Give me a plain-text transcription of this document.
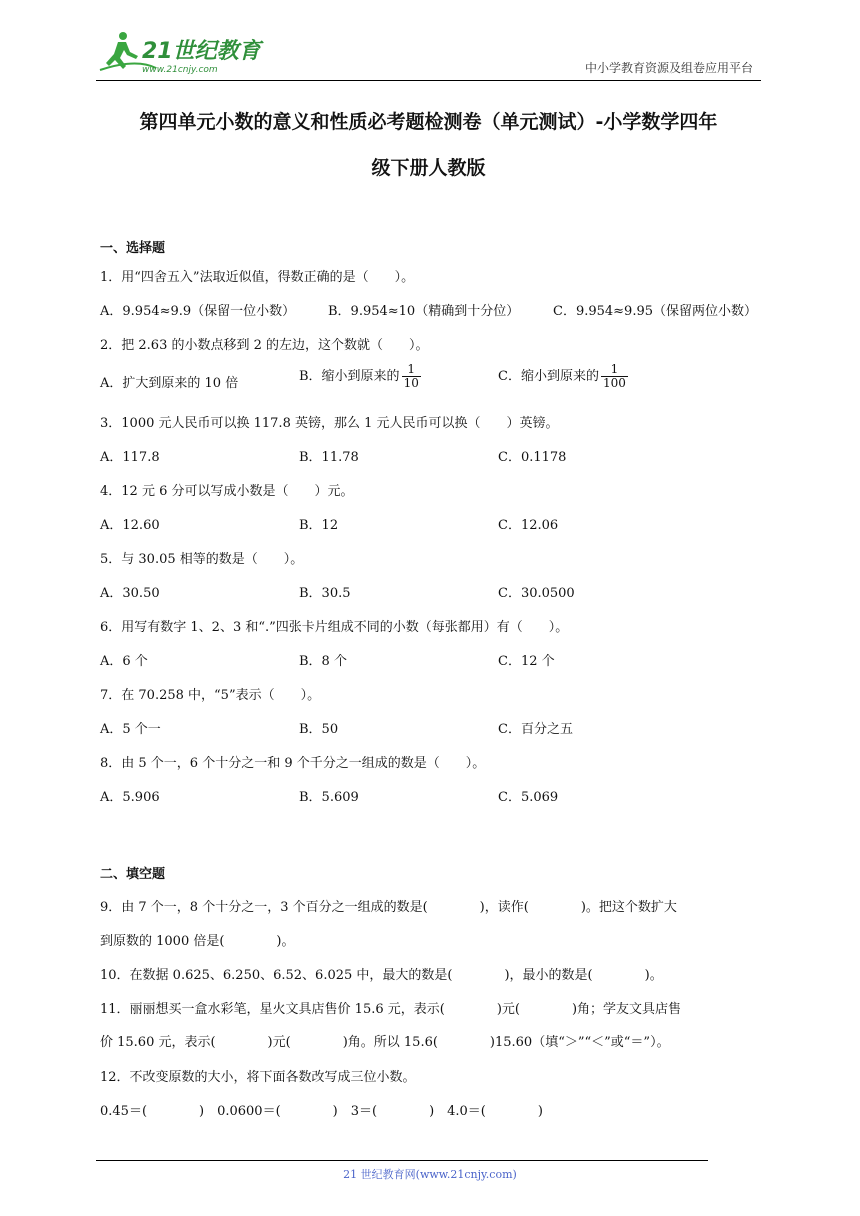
21世纪教育
www.21cnjy.com	中小学教育资源及组卷应用平台
第四单元小数的意义和性质必考题检测卷（单元测试）-小学数学四年
级下册人教版
一、选择题
1．用“四舍五入”法取近似值，得数正确的是（　　）。
A．9.954≈9.9（保留一位小数）	B．9.954≈10（精确到十分位）	C．9.954≈9.95（保留两位小数）
2．把 2.63 的小数点移到 2 的左边，这个数就（　　）。
A．扩大到原来的 10 倍	B．缩小到原来的 $\frac{1}{10}$	C．缩小到原来的 $\frac{1}{100}$
3．1000 元人民币可以换 117.8 英镑，那么 1 元人民币可以换（　　）英镑。
A．117.8	B．11.78	C．0.1178
4．12 元 6 分可以写成小数是（　　）元。
A．12.60	B．12	C．12.06
5．与 30.05 相等的数是（　　）。
A．30.50	B．30.5	C．30.0500
6．用写有数字 1、2、3 和“.”四张卡片组成不同的小数（每张都用）有（　　）。
A．6 个	B．8 个	C．12 个
7．在 70.258 中，“5”表示（　　）。
A．5 个一	B．50	C．百分之五
8．由 5 个一，6 个十分之一和 9 个千分之一组成的数是（　　）。
A．5.906	B．5.609	C．5.069
二、填空题
9．由 7 个一，8 个十分之一，3 个百分之一组成的数是(　　　　)，读作(　　　　)。把这个数扩大
到原数的 1000 倍是(　　　　)。
10．在数据 0.625、6.250、6.52、6.025 中，最大的数是(　　　　)，最小的数是(　　　　)。
11．丽丽想买一盒水彩笔，星火文具店售价 15.6 元，表示(　　　　)元(　　　　)角；学友文具店售
价 15.60 元，表示(　　　　)元(　　　　)角。所以 15.6(　　　　)15.60（填“＞”“＜”或“＝”）。
12．不改变原数的大小，将下面各数改写成三位小数。
0.45＝(　　　　)　0.0600＝(　　　　)　3＝(　　　　)　4.0＝(　　　　)
21 世纪教育网(www.21cnjy.com)
